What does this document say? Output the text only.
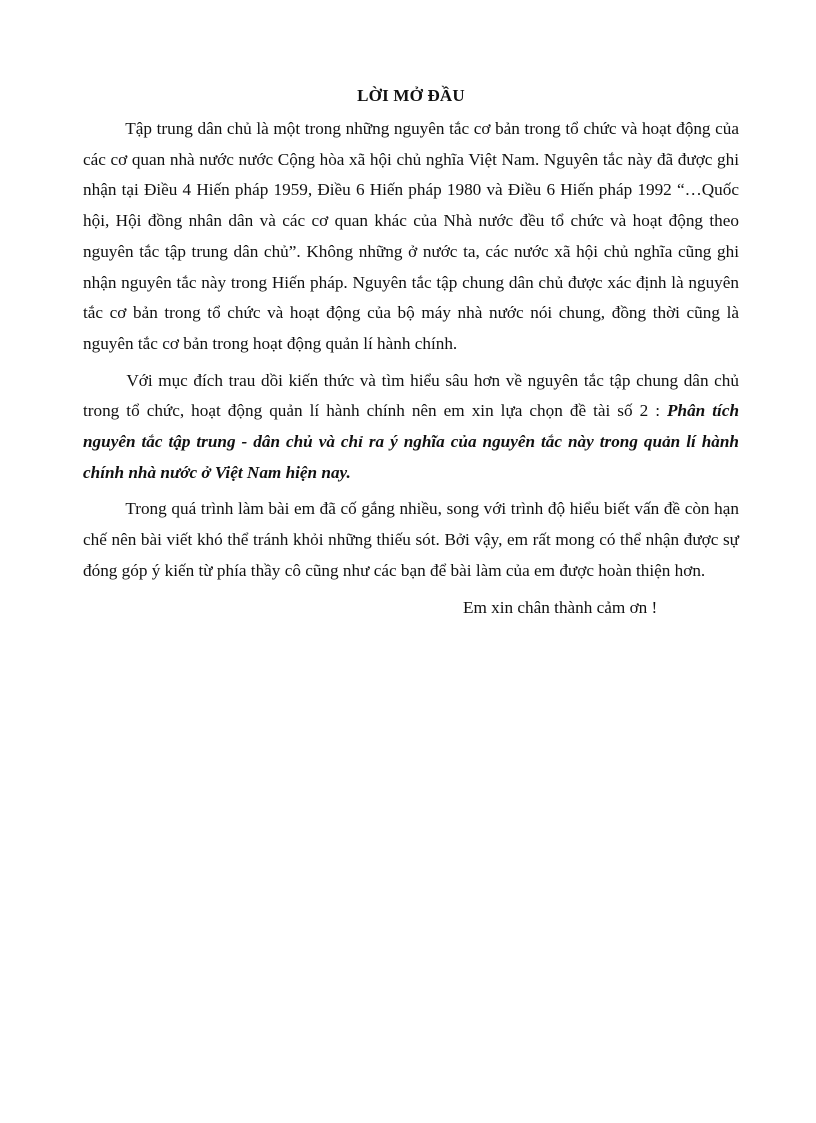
LỜI MỞ ĐẦU

Tập trung dân chủ là một trong những nguyên tắc cơ bản trong tổ chức và hoạt động của các cơ quan nhà nước nước Cộng hòa xã hội chủ nghĩa Việt Nam. Nguyên tắc này đã được ghi nhận tại Điều 4 Hiến pháp 1959, Điều 6 Hiến pháp 1980 và Điều 6 Hiến pháp 1992 “…Quốc hội, Hội đồng nhân dân và các cơ quan khác của Nhà nước đều tổ chức và hoạt động theo nguyên tắc tập trung dân chủ”. Không những ở nước ta, các nước xã hội chủ nghĩa cũng ghi nhận nguyên tắc này trong Hiến pháp. Nguyên tắc tập chung dân chủ được xác định là nguyên tắc cơ bản trong tổ chức và hoạt động của bộ máy nhà nước nói chung, đồng thời cũng là nguyên tắc cơ bản trong hoạt động quản lí hành chính.

Với mục đích trau dồi kiến thức và tìm hiểu sâu hơn về nguyên tắc tập chung dân chủ trong tổ chức, hoạt động quản lí hành chính nên em xin lựa chọn đề tài số 2 : Phân tích nguyên tắc tập trung - dân chủ và chỉ ra ý nghĩa của nguyên tắc này trong quản lí hành chính nhà nước ở Việt Nam hiện nay.

Trong quá trình làm bài em đã cố gắng nhiều, song với trình độ hiểu biết vấn đề còn hạn chế nên bài viết khó thể tránh khỏi những thiếu sót. Bởi vậy, em rất mong có thể nhận được sự đóng góp ý kiến từ phía thầy cô cũng như các bạn để bài làm của em được hoàn thiện hơn.

Em xin chân thành cảm ơn !
